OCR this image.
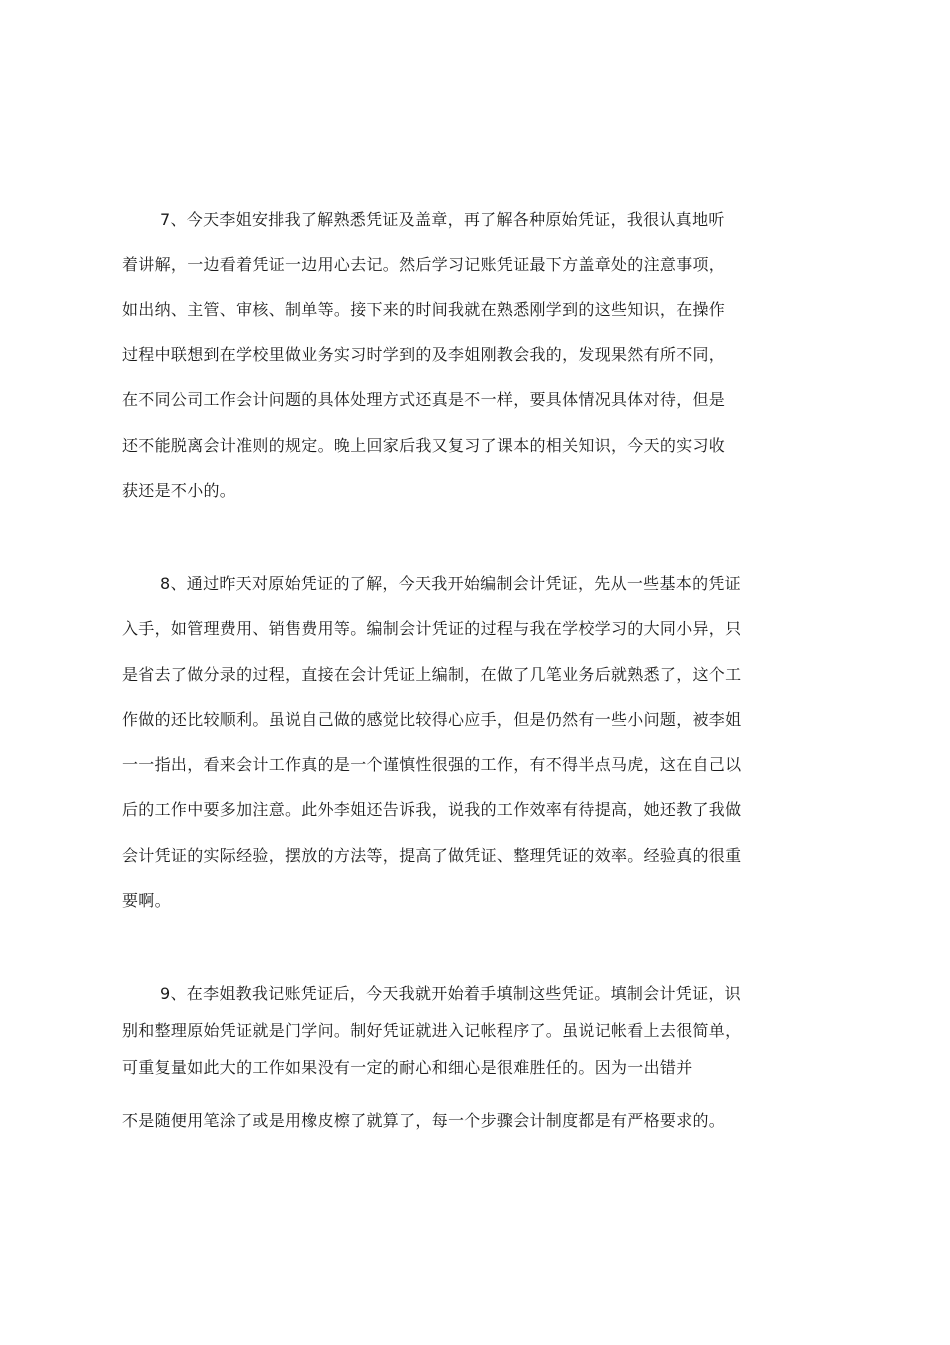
7、今天李姐安排我了解熟悉凭证及盖章，再了解各种原始凭证，我很认真地听
着讲解，一边看着凭证一边用心去记。然后学习记账凭证最下方盖章处的注意事项，
如出纳、主管、审核、制单等。接下来的时间我就在熟悉刚学到的这些知识，在操作
过程中联想到在学校里做业务实习时学到的及李姐刚教会我的，发现果然有所不同，
在不同公司工作会计问题的具体处理方式还真是不一样，要具体情况具体对待，但是
还不能脱离会计准则的规定。晚上回家后我又复习了课本的相关知识，今天的实习收
获还是不小的。
8、通过昨天对原始凭证的了解，今天我开始编制会计凭证，先从一些基本的凭证
入手，如管理费用、销售费用等。编制会计凭证的过程与我在学校学习的大同小异，只
是省去了做分录的过程，直接在会计凭证上编制，在做了几笔业务后就熟悉了，这个工
作做的还比较顺利。虽说自己做的感觉比较得心应手，但是仍然有一些小问题，被李姐
一一指出，看来会计工作真的是一个谨慎性很强的工作，有不得半点马虎，这在自己以
后的工作中要多加注意。此外李姐还告诉我，说我的工作效率有待提高，她还教了我做
会计凭证的实际经验，摆放的方法等，提高了做凭证、整理凭证的效率。经验真的很重
要啊。
9、在李姐教我记账凭证后，今天我就开始着手填制这些凭证。填制会计凭证，识
别和整理原始凭证就是门学问。制好凭证就进入记帐程序了。虽说记帐看上去很简单，
可重复量如此大的工作如果没有一定的耐心和细心是很难胜任的。因为一出错并
不是随便用笔涂了或是用橡皮檫了就算了，每一个步骤会计制度都是有严格要求的。
